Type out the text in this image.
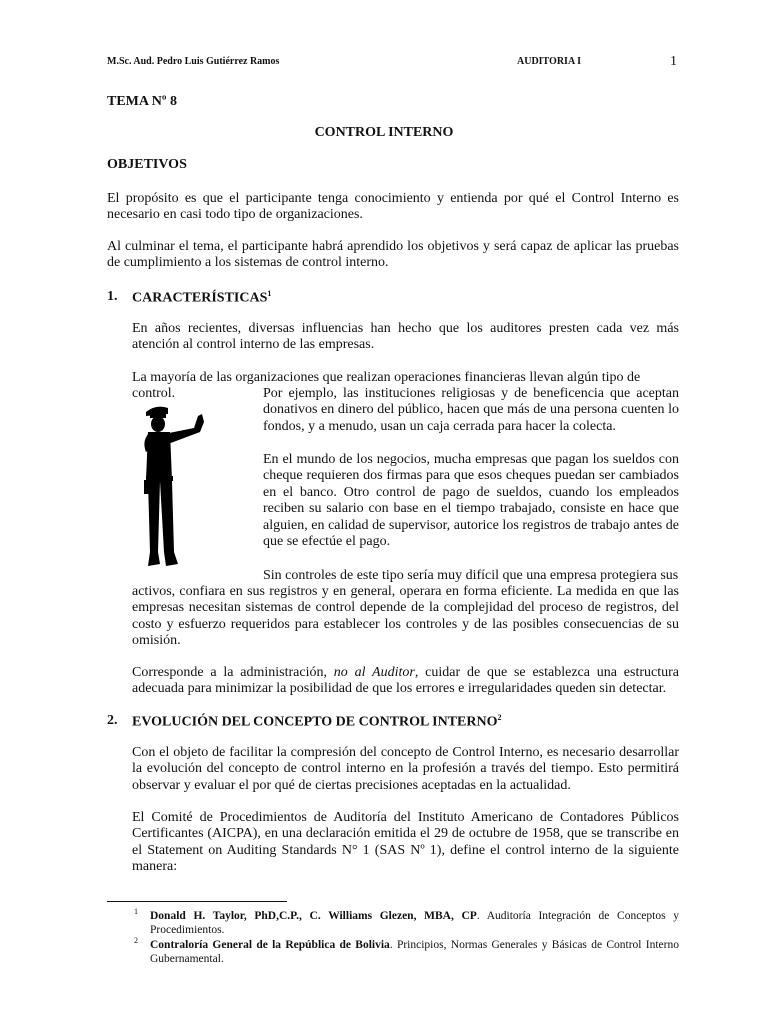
M.Sc. Aud. Pedro Luis Gutiérrez Ramos	AUDITORIA I	1
TEMA Nº 8
CONTROL INTERNO
OBJETIVOS

El propósito es que el participante tenga conocimiento y entienda por qué el Control Interno es necesario en casi todo tipo de organizaciones.

Al culminar el tema, el participante habrá aprendido los objetivos y será capaz de aplicar las pruebas de cumplimiento a los sistemas de control interno.

1. CARACTERÍSTICAS$^1$

En años recientes, diversas influencias han hecho que los auditores presten cada vez más atención al control interno de las empresas.

La mayoría de las organizaciones que realizan operaciones financieras llevan algún tipo de control.	Por ejemplo, las instituciones religiosas y de beneficencia que aceptan donativos en dinero del público, hacen que más de una persona cuenten lo fondos, y a menudo, usan un caja cerrada para hacer la colecta.

En el mundo de los negocios, mucha empresas que pagan los sueldos con cheque requieren dos firmas para que esos cheques puedan ser cambiados en el banco. Otro control de pago de sueldos, cuando los empleados reciben su salario con base en el tiempo trabajado, consiste en hace que alguien, en calidad de supervisor, autorice los registros de trabajo antes de que se efectúe el pago.

Sin controles de este tipo sería muy difícil que una empresa protegiera sus

activos, confiara en sus registros y en general, operara en forma eficiente. La medida en que las empresas necesitan sistemas de control depende de la complejidad del proceso de registros, del costo y esfuerzo requeridos para establecer los controles y de las posibles consecuencias de su omisión.

Corresponde a la administración, no al Auditor, cuidar de que se establezca una estructura adecuada para minimizar la posibilidad de que los errores e irregularidades queden sin detectar.

2. EVOLUCIÓN DEL CONCEPTO DE CONTROL INTERNO$^2$

Con el objeto de facilitar la compresión del concepto de Control Interno, es necesario desarrollar la evolución del concepto de control interno en la profesión a través del tiempo. Esto permitirá observar y evaluar el por qué de ciertas precisiones aceptadas en la actualidad.

El Comité de Procedimientos de Auditoría del Instituto Americano de Contadores Públicos Certificantes (AICPA), en una declaración emitida el 29 de octubre de 1958, que se transcribe en el Statement on Auditing Standards N° 1 (SAS Nº 1), define el control interno de la siguiente manera:

1 Donald H. Taylor, PhD,C.P., C. Williams Glezen, MBA, CP. Auditoría Integración de Conceptos y Procedimientos.
2 Contraloría General de la República de Bolivia. Principios, Normas Generales y Básicas de Control Interno Gubernamental.
